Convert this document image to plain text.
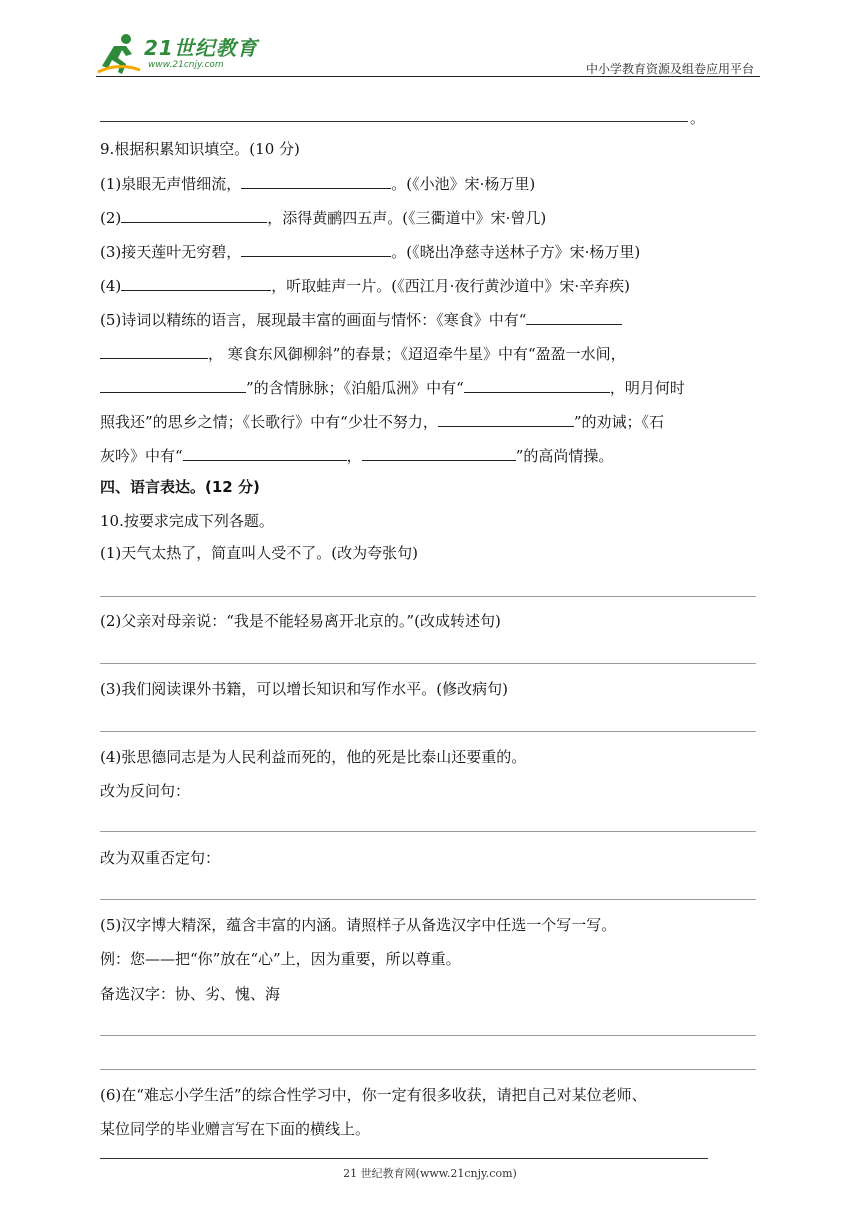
21世纪教育
www.21cnjy.com	中小学教育资源及组卷应用平台
。
9.根据积累知识填空。(10 分)
(1)泉眼无声惜细流，	。(《小池》宋·杨万里)
(2)	，添得黄鹂四五声。(《三衢道中》宋·曾几)
(3)接天莲叶无穷碧，	。(《晓出净慈寺送林子方》宋·杨万里)
(4)	，听取蛙声一片。(《西江月·夜行黄沙道中》宋·辛弃疾)
(5)诗词以精练的语言，展现最丰富的画面与情怀：《寒食》中有“
， 寒食东风御柳斜”的春景；《迢迢牵牛星》中有“盈盈一水间，
”的含情脉脉；《泊船瓜洲》中有“	，明月何时
照我还”的思乡之情；《长歌行》中有“少壮不努力，	”的劝诫；《石
灰吟》中有“	，	”的高尚情操。
四、语言表达。(12 分)
10.按要求完成下列各题。
(1)天气太热了，简直叫人受不了。(改为夸张句)
(2)父亲对母亲说：“我是不能轻易离开北京的。”(改成转述句)
(3)我们阅读课外书籍，可以增长知识和写作水平。(修改病句)
(4)张思德同志是为人民利益而死的，他的死是比泰山还要重的。
改为反问句：
改为双重否定句：
(5)汉字博大精深，蕴含丰富的内涵。请照样子从备选汉字中任选一个写一写。
例：您——把“你”放在“心”上，因为重要，所以尊重。
备选汉字：协、劣、愧、海
(6)在“难忘小学生活”的综合性学习中，你一定有很多收获，请把自己对某位老师、
某位同学的毕业赠言写在下面的横线上。
21 世纪教育网(www.21cnjy.com)
